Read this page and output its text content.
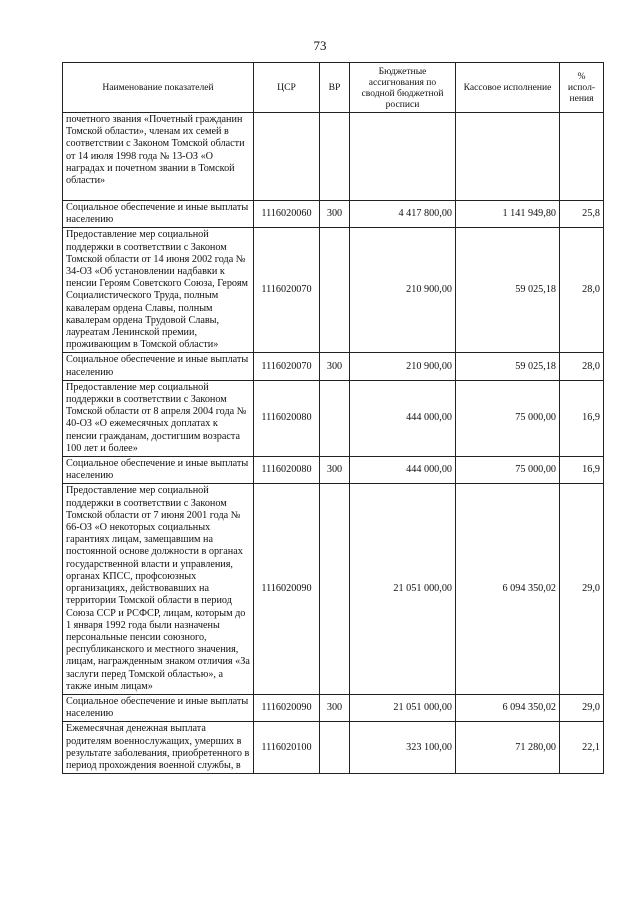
73
Наименование показателей	ЦСР	ВР	Бюджетные ассигнования по сводной бюджетной росписи	Кассовое исполнение	% испол-нения
почетного звания «Почетный гражданин Томской области», членам их семей в соответствии с Законом Томской области от 14 июля 1998 года № 13-ОЗ «О наградах и почетном звании в Томской области»					
Социальное обеспечение и иные выплаты населению	1116020060	300	4 417 800,00	1 141 949,80	25,8
Предоставление мер социальной поддержки в соответствии с Законом Томской области от 14 июня 2002 года № 34-ОЗ «Об установлении надбавки к пенсии Героям Советского Союза, Героям Социалистического Труда, полным кавалерам ордена Славы, полным кавалерам ордена Трудовой Славы, лауреатам Ленинской премии, проживающим в Томской области»	1116020070		210 900,00	59 025,18	28,0
Социальное обеспечение и иные выплаты населению	1116020070	300	210 900,00	59 025,18	28,0
Предоставление мер социальной поддержки в соответствии с Законом Томской области от 8 апреля 2004 года № 40-ОЗ «О ежемесячных доплатах к пенсии гражданам, достигшим возраста 100 лет и более»	1116020080		444 000,00	75 000,00	16,9
Социальное обеспечение и иные выплаты населению	1116020080	300	444 000,00	75 000,00	16,9
Предоставление мер социальной поддержки в соответствии с Законом Томской области от 7 июня 2001 года № 66-ОЗ «О некоторых социальных гарантиях лицам, замещавшим на постоянной основе должности в органах государственной власти и управления, органах КПСС, профсоюзных организациях, действовавших на территории Томской области в период Союза ССР и РСФСР, лицам, которым до 1 января 1992 года были назначены персональные пенсии союзного, республиканского и местного значения, лицам, награжденным знаком отличия «За заслуги перед Томской областью», а также иным лицам»	1116020090		21 051 000,00	6 094 350,02	29,0
Социальное обеспечение и иные выплаты населению	1116020090	300	21 051 000,00	6 094 350,02	29,0
Ежемесячная денежная выплата родителям военнослужащих, умерших в результате заболевания, приобретенного в период прохождения военной службы, в	1116020100		323 100,00	71 280,00	22,1
